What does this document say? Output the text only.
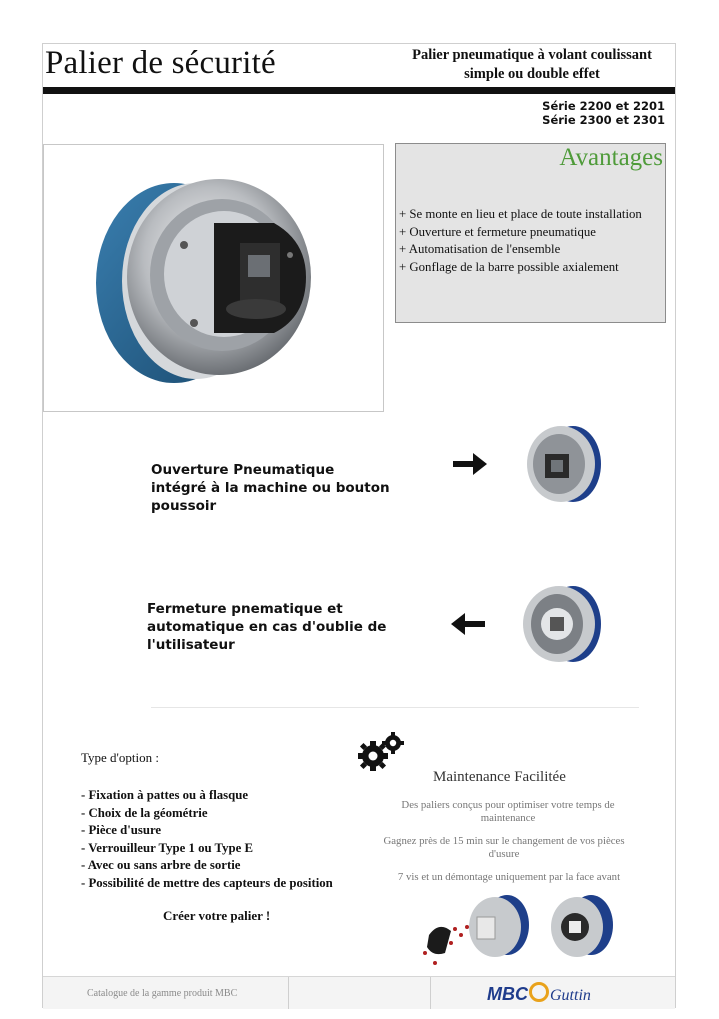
Palier de sécurité	Palier pneumatique à volant coulissant
simple ou double effet
Série 2200 et 2201
Série 2300 et 2301
Avantages
+ Se monte en lieu et place de toute installation
+ Ouverture et fermeture pneumatique
+ Automatisation de l'ensemble
+ Gonflage de la barre possible axialement
Ouverture Pneumatique
intégré à la machine ou bouton
poussoir
Fermeture pnematique et
automatique en cas d'oublie de
l'utilisateur
Type d'option :
- Fixation à pattes ou à flasque
- Choix de la géométrie
- Pièce d'usure
- Verrouilleur Type 1 ou Type E
- Avec ou sans arbre de sortie
- Possibilité de mettre des capteurs de position
Créer votre palier !
Maintenance Facilitée
Des paliers conçus pour optimiser votre temps de maintenance
Gagnez près de 15 min sur le changement de vos pièces d'usure
7 vis et un démontage uniquement par la face avant
Catalogue de la gamme produit MBC	MBC Guttin
